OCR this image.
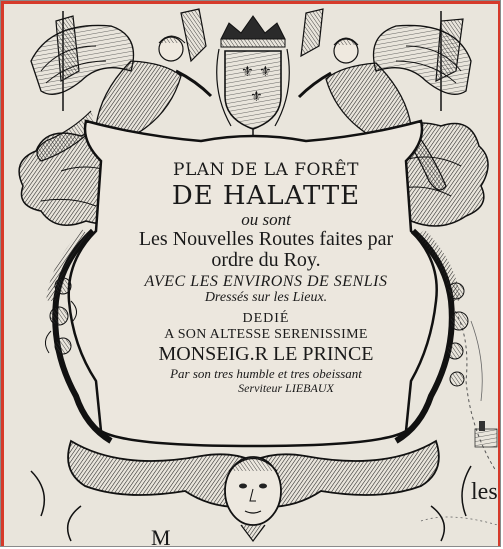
⚜ ⚜
⚜
PLAN DE LA FORÊT
DE HALATTE
ou sont
Les Nouvelles Routes faites par
ordre du Roy.
AVEC LES ENVIRONS DE SENLIS
Dressés sur les Lieux.
DEDIÉ
A SON ALTESSE SERENISSIME
MONSEIG.R LE PRINCE
Par son tres humble et tres obeissant
Serviteur LIEBAUX
les
M
